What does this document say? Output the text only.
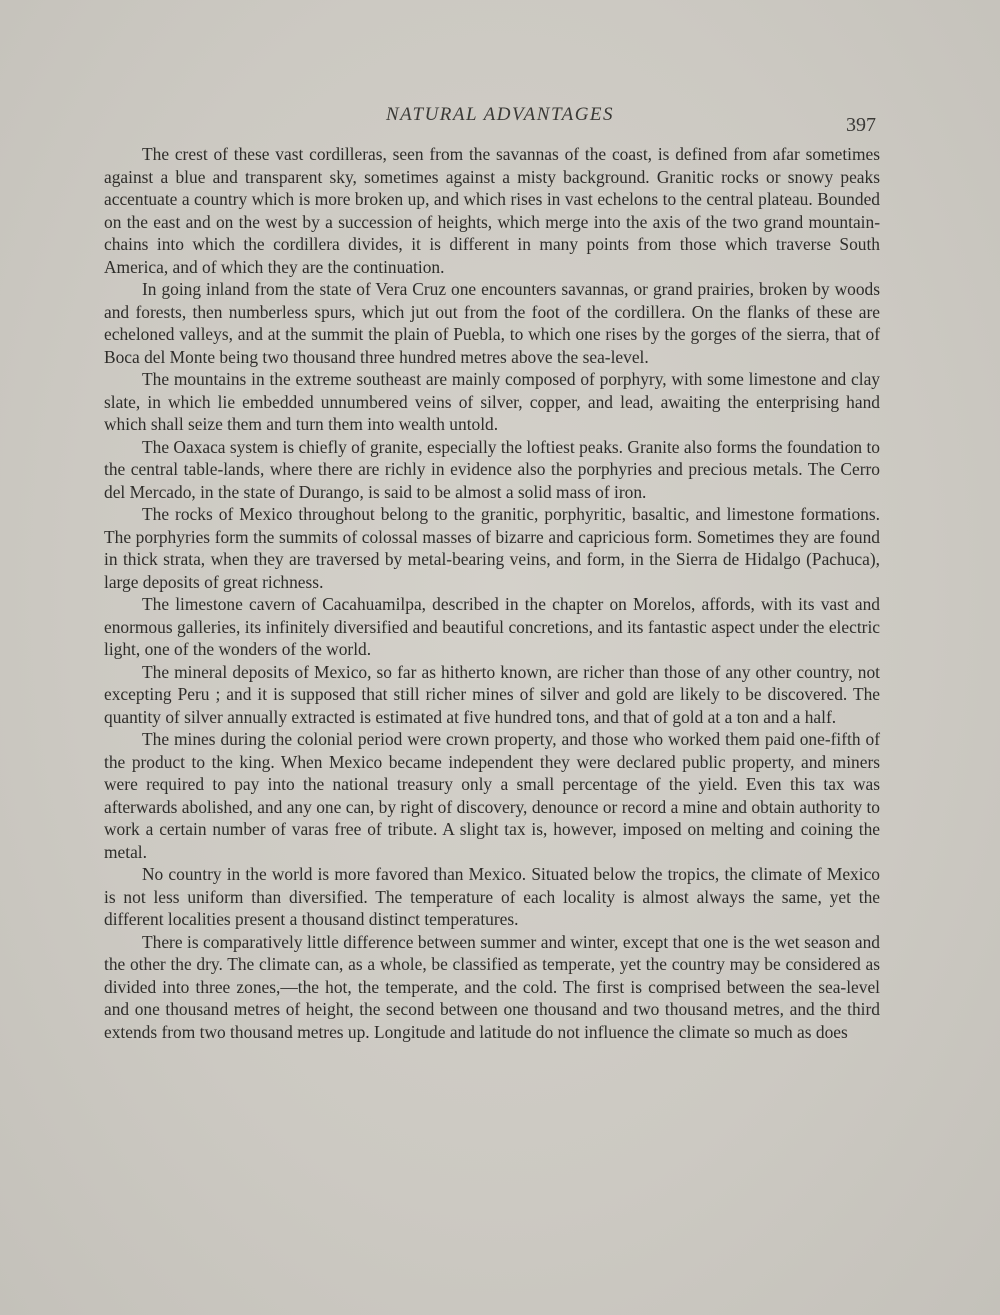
NATURAL ADVANTAGES	397

The crest of these vast cordilleras, seen from the savannas of the coast, is defined from afar sometimes against a blue and transparent sky, sometimes against a misty background. Granitic rocks or snowy peaks accentuate a country which is more broken up, and which rises in vast echelons to the central plateau. Bounded on the east and on the west by a succession of heights, which merge into the axis of the two grand mountain-chains into which the cordillera divides, it is different in many points from those which traverse South America, and of which they are the continuation.

In going inland from the state of Vera Cruz one encounters savannas, or grand prairies, broken by woods and forests, then numberless spurs, which jut out from the foot of the cordillera. On the flanks of these are echeloned valleys, and at the summit the plain of Puebla, to which one rises by the gorges of the sierra, that of Boca del Monte being two thousand three hundred metres above the sea-level.

The mountains in the extreme southeast are mainly composed of porphyry, with some limestone and clay slate, in which lie embedded unnumbered veins of silver, copper, and lead, awaiting the enterprising hand which shall seize them and turn them into wealth untold.

The Oaxaca system is chiefly of granite, especially the loftiest peaks. Granite also forms the foundation to the central table-lands, where there are richly in evidence also the porphyries and precious metals. The Cerro del Mercado, in the state of Durango, is said to be almost a solid mass of iron.

The rocks of Mexico throughout belong to the granitic, porphyritic, basaltic, and limestone formations. The porphyries form the summits of colossal masses of bizarre and capricious form. Sometimes they are found in thick strata, when they are traversed by metal-bearing veins, and form, in the Sierra de Hidalgo (Pachuca), large deposits of great richness.

The limestone cavern of Cacahuamilpa, described in the chapter on Morelos, affords, with its vast and enormous galleries, its infinitely diversified and beautiful concretions, and its fantastic aspect under the electric light, one of the wonders of the world.

The mineral deposits of Mexico, so far as hitherto known, are richer than those of any other country, not excepting Peru ; and it is supposed that still richer mines of silver and gold are likely to be discovered. The quantity of silver annually extracted is estimated at five hundred tons, and that of gold at a ton and a half.

The mines during the colonial period were crown property, and those who worked them paid one-fifth of the product to the king. When Mexico became independent they were declared public property, and miners were required to pay into the national treasury only a small percentage of the yield. Even this tax was afterwards abolished, and any one can, by right of discovery, denounce or record a mine and obtain authority to work a certain number of varas free of tribute. A slight tax is, however, imposed on melting and coining the metal.

No country in the world is more favored than Mexico. Situated below the tropics, the climate of Mexico is not less uniform than diversified. The temperature of each locality is almost always the same, yet the different localities present a thousand distinct temperatures.

There is comparatively little difference between summer and winter, except that one is the wet season and the other the dry. The climate can, as a whole, be classified as temperate, yet the country may be considered as divided into three zones,—the hot, the temperate, and the cold. The first is comprised between the sea-level and one thousand metres of height, the second between one thousand and two thousand metres, and the third extends from two thousand metres up. Longitude and latitude do not influence the climate so much as does
